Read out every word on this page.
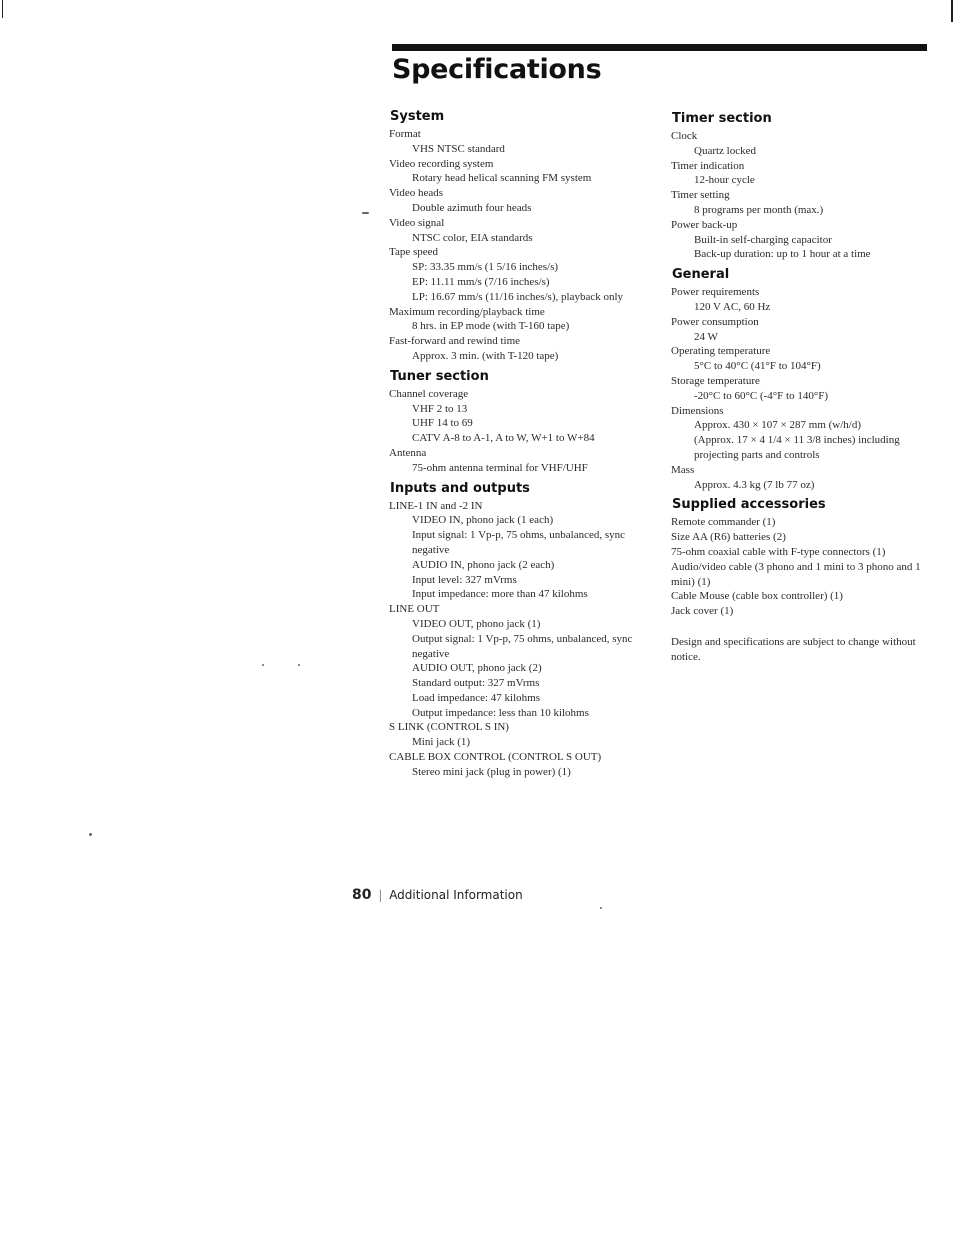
Specifications
System
Format
VHS NTSC standard
Video recording system
Rotary head helical scanning FM system
Video heads
Double azimuth four heads
Video signal
NTSC color, EIA standards
Tape speed
SP: 33.35 mm/s (1 5/16 inches/s)
EP: 11.11 mm/s (7/16 inches/s)
LP: 16.67 mm/s (11/16 inches/s), playback only
Maximum recording/playback time
8 hrs. in EP mode (with T-160 tape)
Fast-forward and rewind time
Approx. 3 min. (with T-120 tape)
Tuner section
Channel coverage
VHF 2 to 13
UHF 14 to 69
CATV A-8 to A-1, A to W, W+1 to W+84
Antenna
75-ohm antenna terminal for VHF/UHF
Inputs and outputs
LINE-1 IN and -2 IN
VIDEO IN, phono jack (1 each)
Input signal: 1 Vp-p, 75 ohms, unbalanced, sync negative
AUDIO IN, phono jack (2 each)
Input level: 327 mVrms
Input impedance: more than 47 kilohms
LINE OUT
VIDEO OUT, phono jack (1)
Output signal: 1 Vp-p, 75 ohms, unbalanced, sync negative
AUDIO OUT, phono jack (2)
Standard output: 327 mVrms
Load impedance: 47 kilohms
Output impedance: less than 10 kilohms
S LINK (CONTROL S IN)
Mini jack (1)
CABLE BOX CONTROL (CONTROL S OUT)
Stereo mini jack (plug in power) (1)
Timer section
Clock
Quartz locked
Timer indication
12-hour cycle
Timer setting
8 programs per month (max.)
Power back-up
Built-in self-charging capacitor
Back-up duration: up to 1 hour at a time
General
Power requirements
120 V AC, 60 Hz
Power consumption
24 W
Operating temperature
5°C to 40°C (41°F to 104°F)
Storage temperature
-20°C to 60°C (-4°F to 140°F)
Dimensions
Approx. 430 × 107 × 287 mm (w/h/d)
(Approx. 17 × 4 1/4 × 11 3/8 inches) including projecting parts and controls
Mass
Approx. 4.3 kg (7 lb 77 oz)
Supplied accessories
Remote commander (1)
Size AA (R6) batteries (2)
75-ohm coaxial cable with F-type connectors (1)
Audio/video cable (3 phono and 1 mini to 3 phono and 1 mini) (1)
Cable Mouse (cable box controller) (1)
Jack cover (1)
Design and specifications are subject to change without notice.
80 | Additional Information
